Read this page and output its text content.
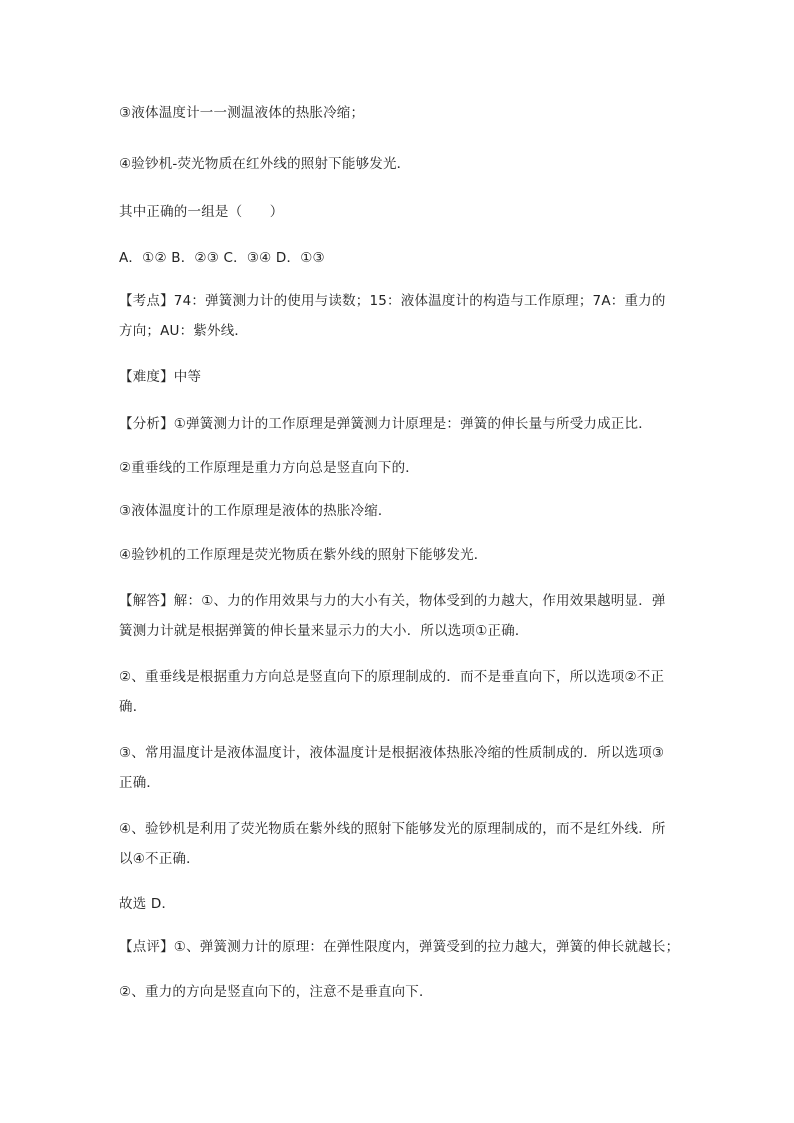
③液体温度计一一测温液体的热胀冷缩；
④验钞机-荧光物质在红外线的照射下能够发光．
其中正确的一组是（　　）
A．①② B．②③ C．③④ D．①③
【考点】74：弹簧测力计的使用与读数；15：液体温度计的构造与工作原理；7A：重力的
方向；AU：紫外线．
【难度】中等
【分析】①弹簧测力计的工作原理是弹簧测力计原理是：弹簧的伸长量与所受力成正比．
②重垂线的工作原理是重力方向总是竖直向下的．
③液体温度计的工作原理是液体的热胀冷缩．
④验钞机的工作原理是荧光物质在紫外线的照射下能够发光．
【解答】解：①、力的作用效果与力的大小有关，物体受到的力越大，作用效果越明显．弹
簧测力计就是根据弹簧的伸长量来显示力的大小．所以选项①正确．
②、重垂线是根据重力方向总是竖直向下的原理制成的．而不是垂直向下，所以选项②不正
确．
③、常用温度计是液体温度计，液体温度计是根据液体热胀冷缩的性质制成的．所以选项③
正确．
④、验钞机是利用了荧光物质在紫外线的照射下能够发光的原理制成的，而不是红外线．所
以④不正确．
故选 D．
【点评】①、弹簧测力计的原理：在弹性限度内，弹簧受到的拉力越大，弹簧的伸长就越长；
②、重力的方向是竖直向下的，注意不是垂直向下．
